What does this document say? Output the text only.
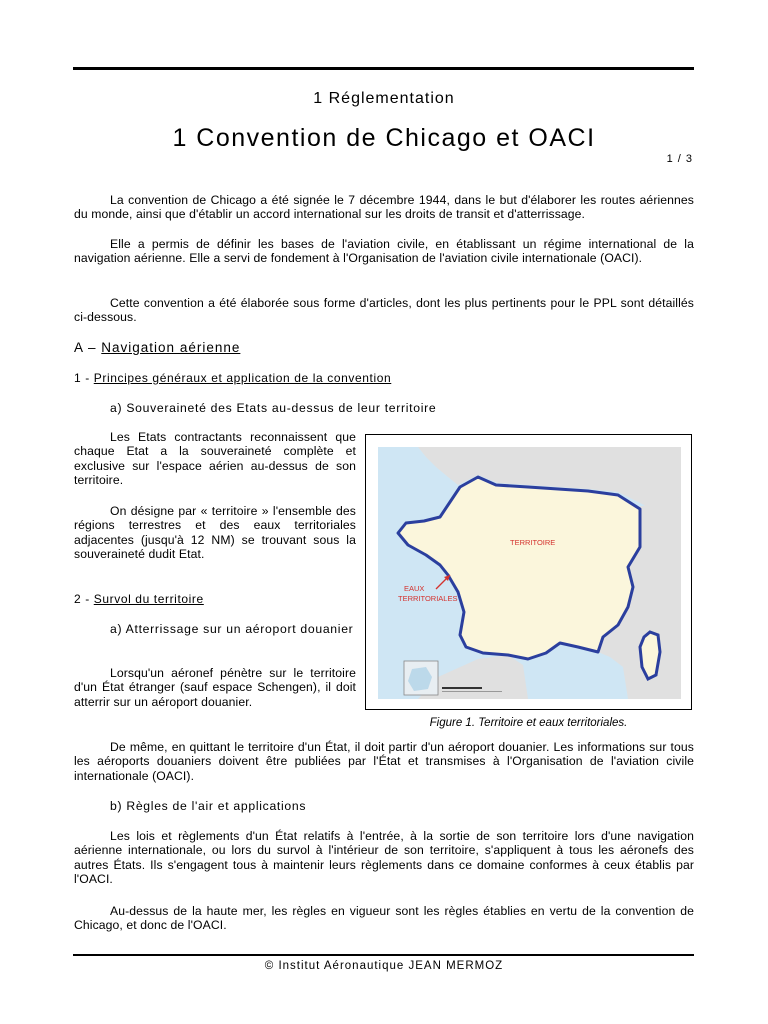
1 Réglementation
1 Convention de Chicago et OACI
1 / 3
La convention de Chicago a été signée le 7 décembre 1944, dans le but d'élaborer les routes aériennes du monde, ainsi que d'établir un accord international sur les droits de transit et d'atterrissage.
Elle a permis de définir les bases de l'aviation civile, en établissant un régime international de la navigation aérienne. Elle a servi de fondement à l'Organisation de l'aviation civile internationale (OACI).
Cette convention a été élaborée sous forme d'articles, dont les plus pertinents pour le PPL sont détaillés ci-dessous.
A – Navigation aérienne
1 - Principes généraux et application de la convention
a) Souveraineté des Etats au-dessus de leur territoire
Les Etats contractants reconnaissent que chaque Etat a la souveraineté complète et exclusive sur l'espace aérien au-dessus de son territoire.
On désigne par « territoire » l'ensemble des régions terrestres et des eaux territoriales adjacentes (jusqu'à 12 NM) se trouvant sous la souveraineté dudit Etat.
2 - Survol du territoire
a) Atterrissage sur un aéroport douanier
Lorsqu'un aéronef pénètre sur le territoire d'un État étranger (sauf espace Schengen), il doit atterrir sur un aéroport douanier.
TERRITOIRE
EAUX
TERRITORIALES
Figure 1. Territoire et eaux territoriales.
De même, en quittant le territoire d'un État, il doit partir d'un aéroport douanier. Les informations sur tous les aéroports douaniers doivent être publiées par l'État et transmises à l'Organisation de l'aviation civile internationale (OACI).
b) Règles de l'air et applications
Les lois et règlements d'un État relatifs à l'entrée, à la sortie de son territoire lors d'une navigation aérienne internationale, ou lors du survol à l'intérieur de son territoire, s'appliquent à tous les aéronefs des autres États. Ils s'engagent tous à maintenir leurs règlements dans ce domaine conformes à ceux établis par l'OACI.
Au-dessus de la haute mer, les règles en vigueur sont les règles établies en vertu de la convention de Chicago, et donc de l'OACI.
© Institut Aéronautique JEAN MERMOZ
